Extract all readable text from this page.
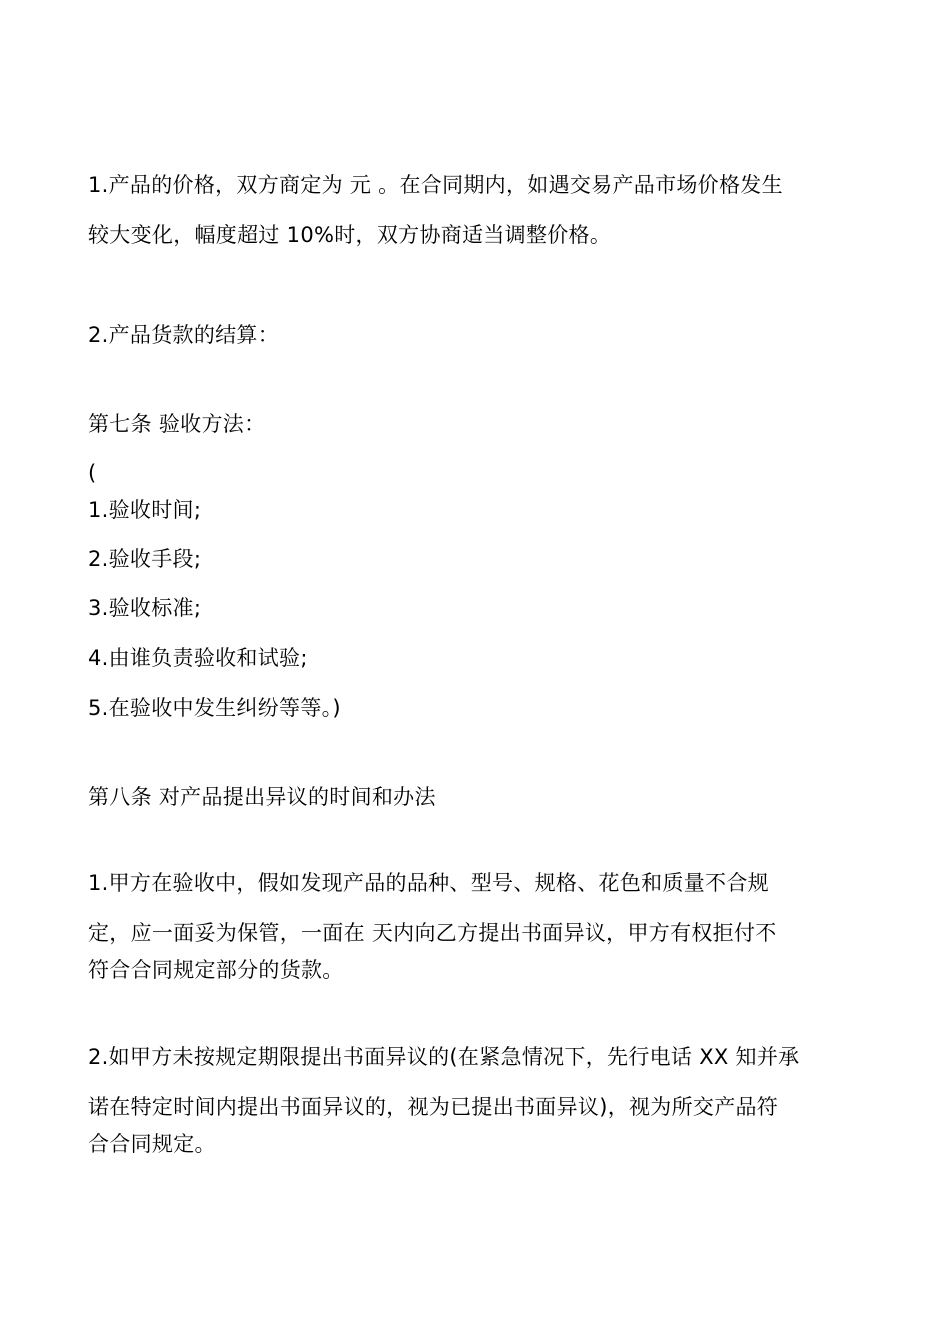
1.产品的价格，双方商定为 元 。在合同期内，如遇交易产品市场价格发生
较大变化，幅度超过 10%时，双方协商适当调整价格。
2.产品货款的结算：
第七条 验收方法：
(
1.验收时间;
2.验收手段;
3.验收标准;
4.由谁负责验收和试验;
5.在验收中发生纠纷等等。)
第八条 对产品提出异议的时间和办法
1.甲方在验收中，假如发现产品的品种、型号、规格、花色和质量不合规
定，应一面妥为保管，一面在 天内向乙方提出书面异议，甲方有权拒付不
符合合同规定部分的货款。
2.如甲方未按规定期限提出书面异议的(在紧急情况下，先行电话 XX 知并承
诺在特定时间内提出书面异议的，视为已提出书面异议)，视为所交产品符
合合同规定。
